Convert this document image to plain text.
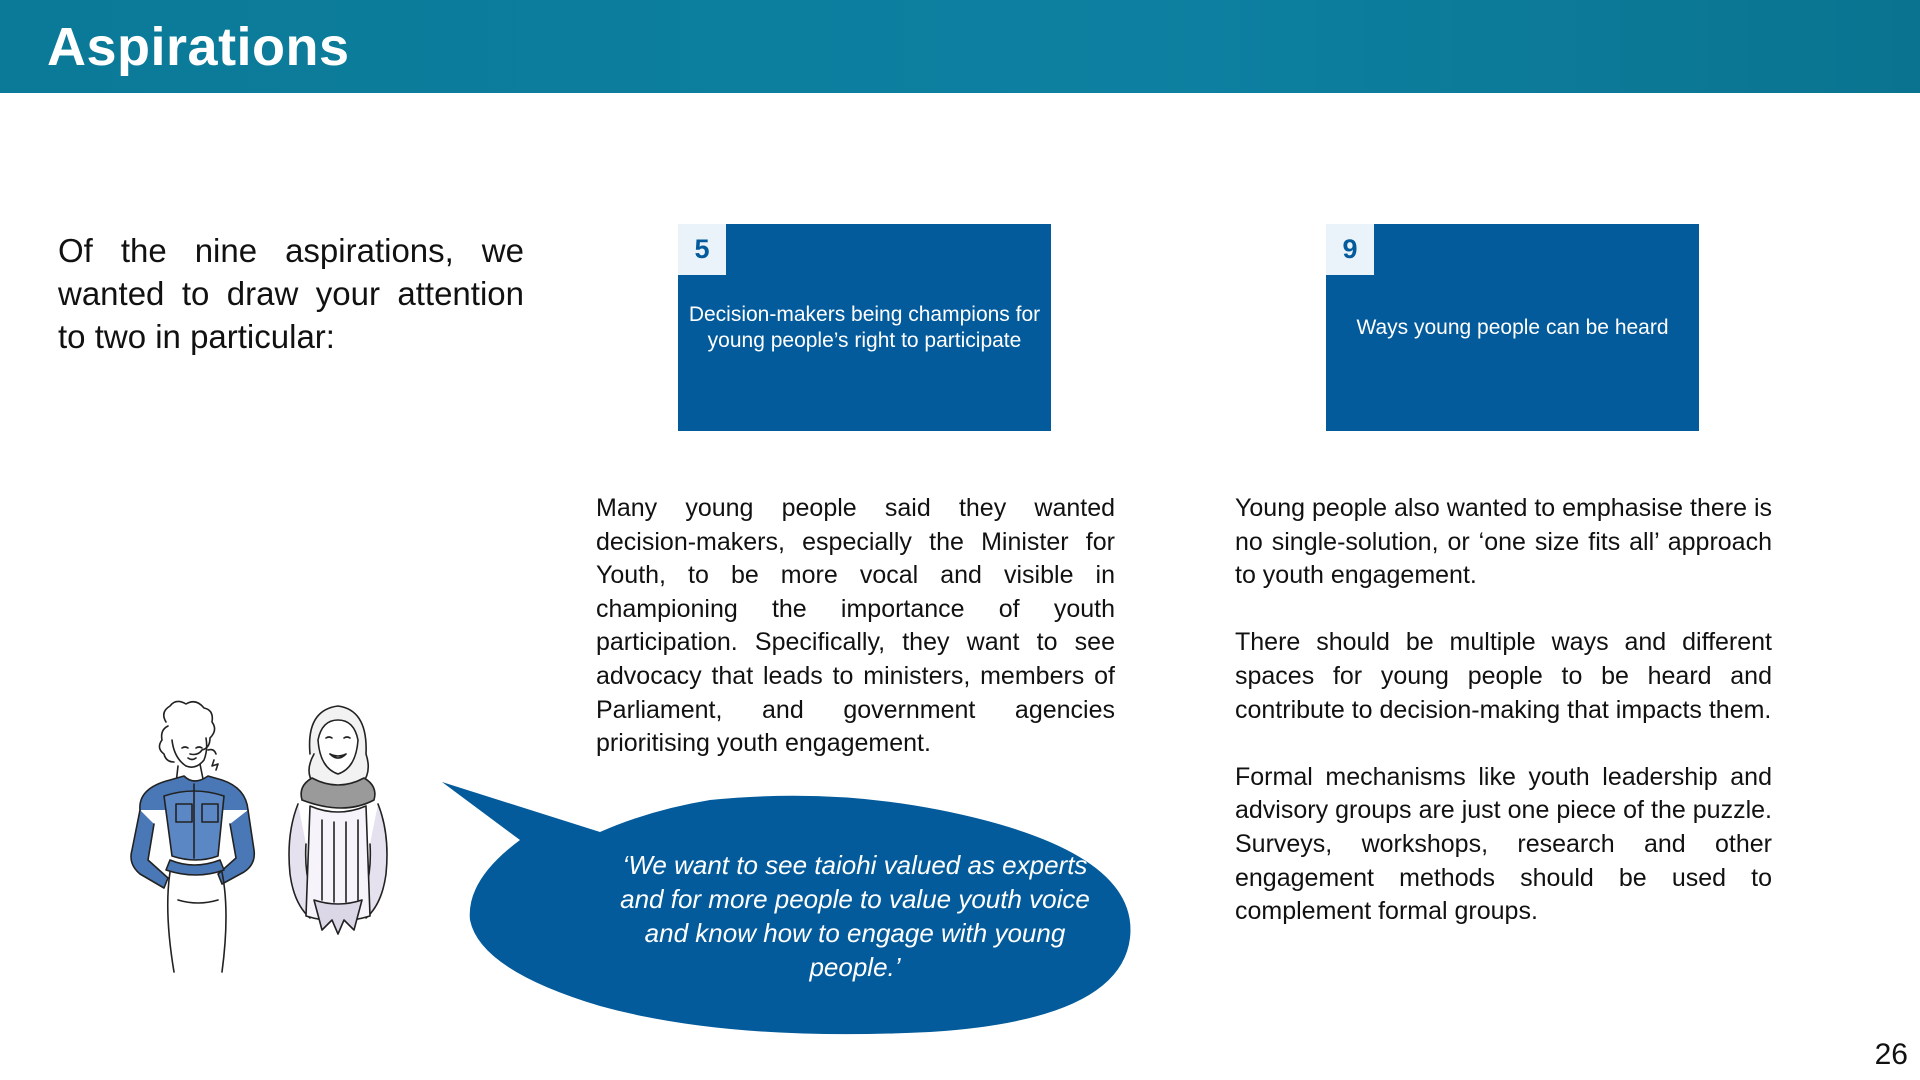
Aspirations
Of the nine aspirations, we wanted to draw your attention to two in particular:
5
Decision-makers being champions for young people’s right to participate
9
Ways young people can be heard

Many young people said they wanted decision-makers, especially the Minister for Youth, to be more vocal and visible in championing the importance of youth participation. Specifically, they want to see advocacy that leads to ministers, members of Parliament, and government agencies prioritising youth engagement.

Young people also wanted to emphasise there is no single-solution, or ‘one size fits all’ approach to youth engagement.

There should be multiple ways and different spaces for young people to be heard and contribute to decision-making that impacts them.

Formal mechanisms like youth leadership and advisory groups are just one piece of the puzzle. Surveys, workshops, research and other engagement methods should be used to complement formal groups.

‘We want to see taiohi valued as experts and for more people to value youth voice and know how to engage with young people.’
26
